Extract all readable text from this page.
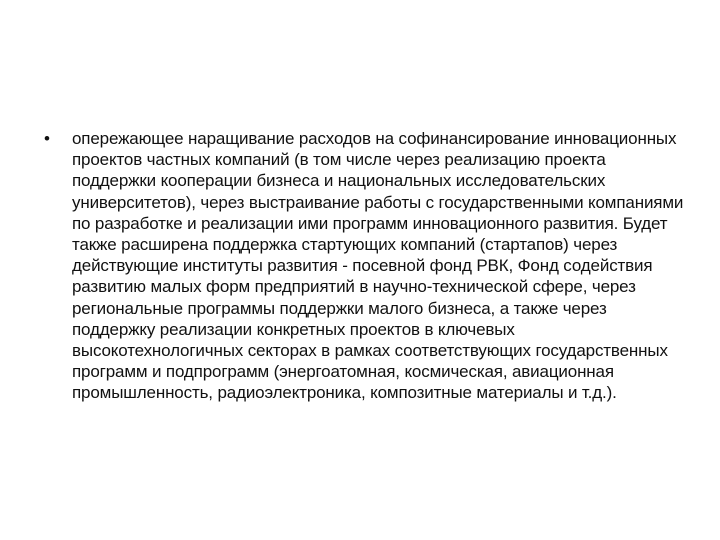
• опережающее наращивание расходов на софинансирование инновационных проектов частных компаний (в том числе через реализацию проекта поддержки кооперации бизнеса и национальных исследовательских университетов), через выстраивание работы с государственными компаниями по разработке и реализации ими программ инновационного развития. Будет также расширена поддержка стартующих компаний (стартапов) через действующие институты развития - посевной фонд РВК, Фонд содействия развитию малых форм предприятий в научно-технической сфере, через региональные программы поддержки малого бизнеса, а также через поддержку реализации конкретных проектов в ключевых высокотехнологичных секторах в рамках соответствующих государственных программ и подпрограмм (энергоатомная, космическая, авиационная промышленность, радиоэлектроника, композитные материалы и т.д.).
